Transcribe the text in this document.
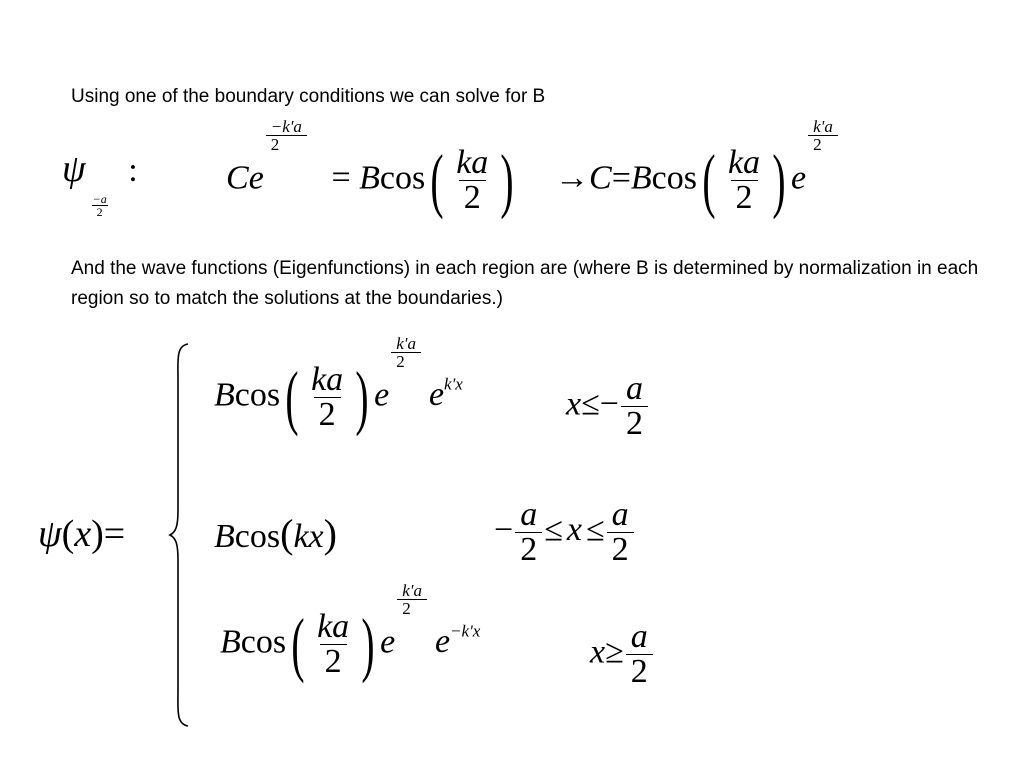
Using one of the boundary conditions we can solve for B
ψ
$\frac{-a}{2}$
:	Ce
$\frac{-k'a}{2}$
= $Bcos( \frac{ka}{2}$ ) $\to C=Bcos( \frac{ka}{2}$ ) e
$\frac{k'a}{2}$
And the wave functions (Eigenfunctions) in each region are (where B is determined by normalization in each region so to match the solutions at the boundaries.)
ψ(x)=
$Bcos( \frac{ka}{2}$ ) e
$\frac{k'a}{2}$
$e^{k'x}$
$x\le- \frac{a}{2}$
Bcos(kx)	− $\frac{a}{2} \le x \le \frac{a}{2}$
$Bcos( \frac{ka}{2}$ ) e
$\frac{k'a}{2}$
$e^{-k'x}$
$x\ge \frac{a}{2}$
